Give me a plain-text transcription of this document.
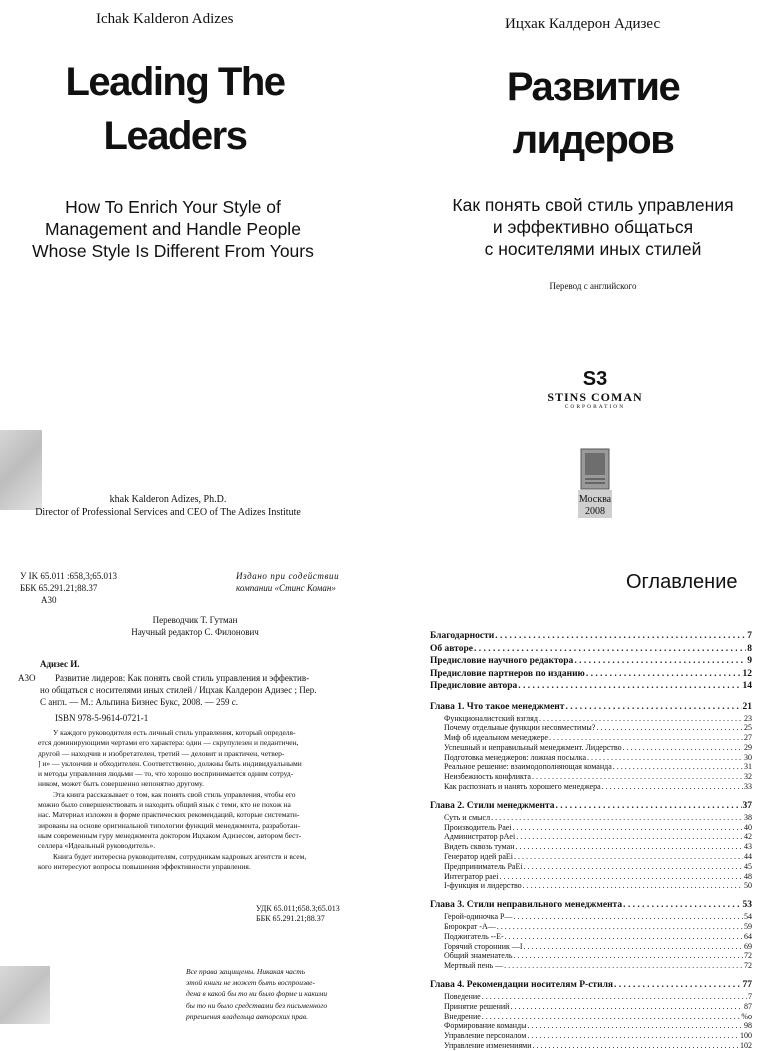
Ichak Kalderon Adizes
Leading The
Leaders
How To Enrich Your Style of
Management and Handle People
Whose Style Is Different From Yours
khak Kalderon Adizes, Ph.D.
Director of Professional Services and CEO of The Adizes Institute
Ицхак Калдерон Адизес
Развитие
лидеров
Как понять свой стиль управления
и эффективно общаться
с носителями иных стилей
Перевод с английского
S3
STINS COMAN
CORPORATION
Москва
2008
У IK 65.011 :658,3;65.013
ББК 65.291.21;88.37
А30
Издано при содействии
компании «Стинс Коман»
Переводчик Т. Гутман
Научный редактор С. Филонович
Адизес И.
А3О Развитие лидеров: Как понять свой стиль управления и эффектив-
но общаться с носителями иных стилей / Ицхак Калдерон Адизес ; Пер.
С англ. — М.: Альпина Бизнес Букс, 2008. — 259 с.
ISBN 978-5-9614-0721-1
У каждого руководителя есть личный стиль управления, который определя-
ется доминирующими чертами его характера: один — скрупулезен и педантичен,
другой — находчив и изобретателен, третий — деловит и практичен, четвер-
] и» — уклончив и обходителен. Соответственно, должны быть индивидуальными
и методы управления людьми — то, что хорошо воспринимается одним сотруд-
ником, может быть совершенно непонятно другому.
Эта книга рассказывает о том, как понять свой стиль управления, чтобы его
можно было совершенствовать и находить общий язык с теми, кто не похож на
нас. Материал изложен в форме практических рекомендаций, которые системати-
зированы на основе оригинальной типологии функций менеджмента, разработан-
ным современным гуру менеджмента доктором Ицхаком Адизесом, автором бест-
селлера «Идеальный руководитель».
Книга будет интересна руководителям, сотрудникам кадровых агентств и всем,
кого интересуют вопросы повышения эффективности управления.
УДК 65.011;658.3;65.013
ББК 65.291.21;88.37
Все права защищены. Никакая часть
этой книги не может быть воспроизве-
дена в какой бы то ни было форме и какими
бы то ни было средствами без письменного
рпрешения владельца авторских прав.
Оглавление
Благодарности . . .	7
Об авторе . . .	8
Предисловие научного редактора . . .	9
Предисловие партнеров по изданию . . .	12
Предисловие автора . . .	14
Глава 1. Что такое менеджмент . . .	21
Функционалистский взгляд . . .	23
Почему отдельные функции несовместимы? . . .	25
Миф об идеальном менеджере . . .	27
Успешный и неправильный менеджмент. Лидерство . . .	29
Подготовка менеджеров: ложная посылка . . .	30
Реальное решение: взаимодополняющая команда . . .	31
Неизбежность конфликта . . .	32
Как распознать и нанять хорошего менеджера . . .	33
Глава 2. Стили менеджмента . . .	37
Суть и смысл . . .	38
Производитель Paei . . .	40
Администратор pAei . . .	42
Видеть сквозь туман . . .	43
Генератор идей paEi . . .	44
Предприниматель PaEi . . .	45
Интегратор paei . . .	48
I-функция и лидерство . . .	50
Глава 3. Стили неправильного менеджмента . . .	53
Герой-одиночка P— . . .	54
Бюрократ -A— . . .	59
Поджигатель --E- . . .	64
Горячий сторонник —I . . .	69
Общий знаменатель . . .	72
Мертвый пень — . . .	72
Глава 4. Рекомендации носителям P-стиля . . .	77
Поведение . . .	7
Принятие решений . . .	87
Внедрение . . .	%o
Формирование команды . . .	98
Управление персоналом . . .	100
Управление изменениями . . .	102
